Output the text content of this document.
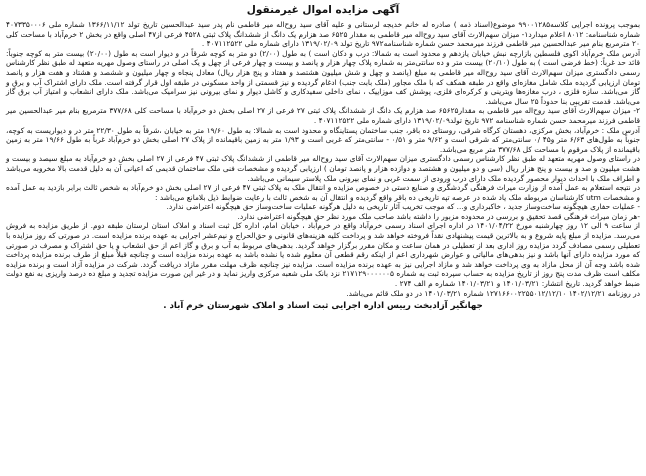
آگهی مزایده اموال غیرمنقول

بموجب پرونده اجرایی کلاسه۹۹۰۰۱۲۸۵ موضوع(اسناد ذمه ) صادره له خانم خدیجه لرستانی و علیه آقای سید روح‌اله میر قاطمی نام پدر سید عبدالحسین تاریخ تولد ۱۳۶۶/۱۱/۱۲ شماره ملی ۴۰۷۳۳۵۰۰۰۶ شماره شناسنامه: ۸۰۱۲ اعلام میدارد۱- میزان سهم‌الارث آقای سید روح‌اله میر قاطمی به مقدار ۶۵۲۵ صد هزارم یک دانگ از ششدانگ پلاک ثبتی ۴۵۲۸ فرعی از۴۷ اصلی واقع در بخش ۲ خرم‌آباد با مساحت کلی ۲۰ مترمربع بنام میر عبدالحسین میر قاطمی فرزند میرمحمد حسن شماره شناسنامه۹۷۲ تاریخ تولد ۱۳۱۹/۰۲/۰۹ دارای شماره ملی ۴۰۷۱۱۲۵۲۲ .

آدرس ملک خرم‌آباد اکوی فلسطین بازارچه نبش خیابان یازدهم و محدود است به شمالا: درب و دکان است ) به طول (۲/۰۰) دو متر به کوچه شرقاً در و دیوار است به طول (۲۰/۰۰) بیست متر به کوچه جنوباً: قائد حد غرباً: (خط فرضی است ) به طول (۲۰/۱۰) بیست متر و ده سانتی‌متر به شماره پلاک چهار هزار و پانصد و بیست و چهار فرعی از چهل و یک اصلی در راستای وصول مهریه متعهد له طبق نظر کارشناس رسمی دادگستری میزان سهم‌الارث آقای سید روح‌اله میر قاطمی به مبلغ (پانصد و چهل و شش میلیون هشتصد و هفتاد و پنج هزار ریال) معادل پنجاه و چهار میلیون و ششصد و هشتاد و هفت هزار و پانصد تومان ارزیابی گردیده ملک شامل مغازه‌ای واقع در طبقه همکف که با ملک مجاور (ملک بابت جنب) ادغام گردیده و نیز قسمتی از واحد مسکونی در طبقه اول قرار گرفته است. ملک دارای اشتراک آب و برق و گاز می‌باشد. سازه فلزی ، درب مغازه‌ها ویترینی و کرکره‌ای فلزی، پوشش کف موزاییک ، نمای داخلی سفیدکاری و کاشل دیوار و نمای بیرونی نیز سرامیک می‌باشد. ملک دارای انشعاب و امتیاز آب برق گاز می‌باشد. قدمت تقریبی بنا حدوداً ۲۵ سال می‌باشد.

۲- میزان سهم‌الارث آقای سید روح‌اله میر قاطمی به مقدار۶۵۶۲۵ صد هزارم یک دانگ از ششدانگ پلاک ثبتی ۲۷ فرعی از ۲۷ اصلی بخش دو خرم‌آباد با مساحت کلی ۳۷۷/۶۸ مترمربع بنام میر عبدالحسین میر قاطمی فرزند میرمحمد حسن شماره شناسنامه ۹۷۲ تاریخ تولد۱۳۱۹/۰۲/۰۹ دارای شماره ملی ۴۰۷۱۱۲۵۲۲ .

آدرس ملک : خرم‌آباد، بخش مرکزی، دهستان کرگاه شرقی، روستای ده باقر، جنب ساختمان پستاینگاه و محدود است به شمالا: به طول ۱۹/۶۰ متر به خیابان ،شرقاً به طول ۲۲/۳۰ متر در و دیواریست به کوچه، جنوباً به طول‌های ۶/۶۳ متر و۴۵ /۰ سانتی‌متر که شرقی است و ۹/۶۲ متر و ۰/۵۱ - سانتی‌متر که غربی است و ۱/۹۳ متر به زمین باقیمانده از پلاک ۲۷ اصلی بخش دو خرم‌آباد غرباً به طول ۱۹/۶۶ متر به زمین باقیمانده از پلاک مرقوم با مساحت کل ۳۷۷/۶۸ متر مربع می‌باشد.

در راستای وصول مهریه متعهد له طبق نظر کارشناس رسمی دادگستری میزان سهم‌الارث آقای سید روح‌اله میر قاطمی از ششدانگ پلاک ثبتی ۴۷ فرعی از ۲۷ اصلی بخش دو خرم‌آباد به مبلغ سیصد و بیست و هشت میلیون و صد و بیست و پنج هزار ریال (سی و دو میلیون و هشتصد و دوازده هزار و پانصد تومان ) ارزیابی گردیده و مشخصات فنی ملک ساختمان قدیمی که اعیانی آن به دلیل قدمت بالا مخروبه می‌باشد و اطراف ملک با احداث دیوار محصور گردیده ملک دارای درب ورودی از سمت غربی و نمای بیرونی ملک پلاستر سیمانی می‌باشد.

در نتیجه استعلام به عمل آمده از وزارت میراث فرهنگی گردشگری و صنایع دستی در خصوص مزایده و انتقال ملک به پلاک ثبتی ۴۷ فرعی از ۲۷ اصلی بخش دو خرم‌آباد به شخص ثالث برابر بازدید به عمل آمده و مشخصات utm کارشناسان مربوطه ملک یاد شده در عرصه تپه تاریخی ده باقر واقع گردیده و انتقال آن به شخص ثالث با رعایت ضوابط ذیل بلامانع می‌باشد :

- عملیات حفاری هیچگونه ساخت‌وساز جدید ، خاکبرداری و... که موجب تخریب آثار تاریخی به دلیل هرگونه عملیات ساخت‌وساز حق هیچگونه اعتراضی ندارد.

-هر زمان میراث فرهنگی قصد تحقیق و بررسی در محدوده مزبور را داشته باشد صاحب ملک مورد نظر حق هیچگونه اعتراضی ندارد.

از ساعت ۹ الی ۱۲ روز چهارشنبه مورخ ۱۴۰۱/۰۴/۲۲ در اداره اجرای اسناد رسمی خرم‌آباد واقع در خرم‌آباد ، خیابان امام، اداره کل ثبت اسناد و املاک استان لرستان طبقه دوم. از طریق مزایده به فروش می‌رسد. مزایده از مبلغ پایه شروع و به بالاترین قیمت پیشنهادی نقداً فروخته خواهد شد و پرداخت کلیه هزینه‌های قانونی و حق‌الحراج و نیم‌عشر اجرایی به عهده برنده مزایده است. در صورتی که روز مزایده با تعطیلی رسمی مصادف گردد مزایده روز اداری بعد از تعطیلی در همان ساعت و مکان مقرر برگزار خواهد گردید. بدهی‌های مربوط به آب و برق و گاز اعم از حق انشعاب و یا حق اشتراک و مصرف در صورتی که مورد مزایده دارای آنها باشد و نیز بدهی‌های مالیاتی و عوارض شهرداری اعم از اینکه رقم قطعی آن معلوم شده یا نشده باشد به عهده برنده مزایده است و چنانچه قبلاً مبلغ از طرف برنده مزایده پرداخت شده باشد وجه آن از محل مازاد به وی پرداخت خواهد شد و مازاد اجرایی نیز به عهده برنده مزایده است. مزایده نیز چنانچه ظرف مهلت مقرر مازاد دریافت گردد. شرکت در مزایده آزاد است و برنده مزایده مکلف است ظرف مدت پنج روز از تاریخ مزایده به حساب سپرده ثبت به شماره ۲۱۷۱۲۹۰۰۰۰۰۰۵ نزد بانک ملی شعبه مرکزی واریز نماید و در غیر این صورت مزایده تجدید و مبلغ ده درصد واریزی به نفع دولت ضبط خواهد گردید. تاریخ انتشار: ۱۴۰۱/۰۳/۲۱ و ۱۴۰۱/۰۳/۲۱ شماره م الف ۲۷۴ .

در روزنامه ۱۴۰۲/۱۲/۲۱ ۱۲۷۱۶۶۰۰۲۲۵۵۰۱۲/۱۲/۱۰ شماره ۱۴۰۱/۰۳/۲۱ در دو ملک قائم می‌باشد.

جهانگیر آزادبخت رییس اداره اجرایی ثبت اسناد و املاک شهرستان خرم آباد .
